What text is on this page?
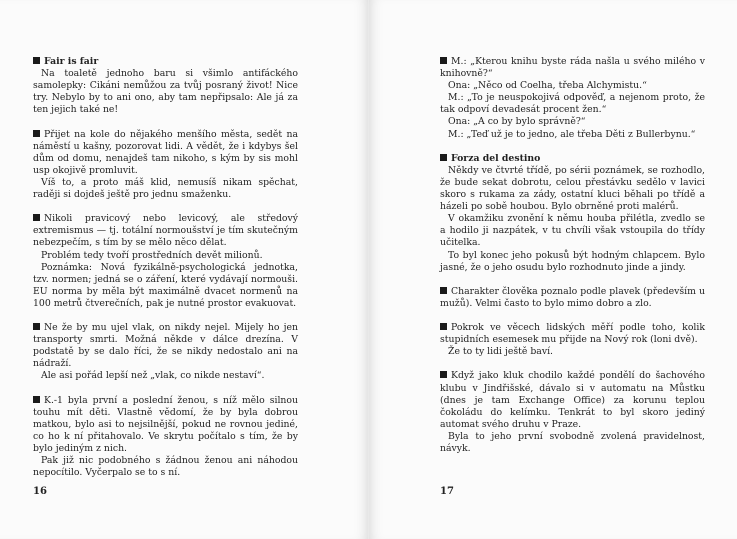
Fair is fair

Na toaletě jednoho baru si všimlo antifáckého samolepky: Cikáni nemůžou za tvůj posraný život! Nice try. Nebylo by to ani ono, aby tam nepřipsalo: Ale já za ten jejich také ne!

Přijet na kole do nějakého menšího města, sedět na náměstí u kašny, pozorovat lidi. A vědět, že i kdybys šel dům od domu, nenajdeš tam nikoho, s kým by sis mohl usp okojivě promluvit.

Víš to, a proto máš klid, nemusíš nikam spěchat, raději si dojdeš ještě pro jednu smaženku.

Nikoli pravicový nebo levicový, ale středový extremismus — tj. totální normoušství je tím skutečným nebezpečím, s tím by se mělo něco dělat.

Problém tedy tvoří prostředních devět milionů.

Poznámka: Nová fyzikálně-psychologická jednotka, tzv. normen; jedná se o záření, které vydávají normouši. EU norma by měla být maximálně dvacet normenů na 100 metrů čtverečních, pak je nutné prostor evakuovat.

Ne že by mu ujel vlak, on nikdy nejel. Mijely ho jen transporty smrti. Možná někde v dálce drezína. V podstatě by se dalo říci, že se nikdy nedostalo ani na nádraží.

Ale asi pořád lepší než „vlak, co nikde nestaví“.

K.-1 byla první a poslední ženou, s níž mělo silnou touhu mít děti. Vlastně vědomí, že by byla dobrou matkou, bylo asi to nejsilnější, pokud ne rovnou jediné, co ho k ní přitahovalo. Ve skrytu počítalo s tím, že by bylo jediným z nich.

Pak již nic podobného s žádnou ženou ani náhodou nepocítilo. Vyčerpalo se to s ní.

16

M.: „Kterou knihu byste ráda našla u svého milého v knihovně?“

Ona: „Něco od Coelha, třeba Alchymistu.“

M.: „To je neuspokojivá odpověď, a nejenom proto, že tak odpoví devadesát procent žen.“

Ona: „A co by bylo správně?“

M.: „Teď už je to jedno, ale třeba Děti z Bullerbynu.“

Forza del destino

Někdy ve čtvrté třídě, po sérii poznámek, se rozhodlo, že bude sekat dobrotu, celou přestávku sedělo v lavici skoro s rukama za zády, ostatní kluci běhali po třídě a házeli po sobě houbou. Bylo obrněné proti malérů.

V okamžiku zvonění k němu houba přilétla, zvedlo se a hodilo ji nazpátek, v tu chvíli však vstoupila do třídy učitelka.

To byl konec jeho pokusů být hodným chlapcem. Bylo jasné, že o jeho osudu bylo rozhodnuto jinde a jindy.

Charakter člověka poznalo podle plavek (především u mužů). Velmi často to bylo mimo dobro a zlo.

Pokrok ve věcech lidských měří podle toho, kolik stupidních esemesek mu přijde na Nový rok (loni dvě).

Že to ty lidi ještě baví.

Když jako kluk chodilo každé pondělí do šachového klubu v Jindřišské, dávalo si v automatu na Můstku (dnes je tam Exchange Office) za korunu teplou čokoládu do kelímku. Tenkrát to byl skoro jediný automat svého druhu v Praze.

Byla to jeho první svobodně zvolená pravidelnost, návyk.

17
